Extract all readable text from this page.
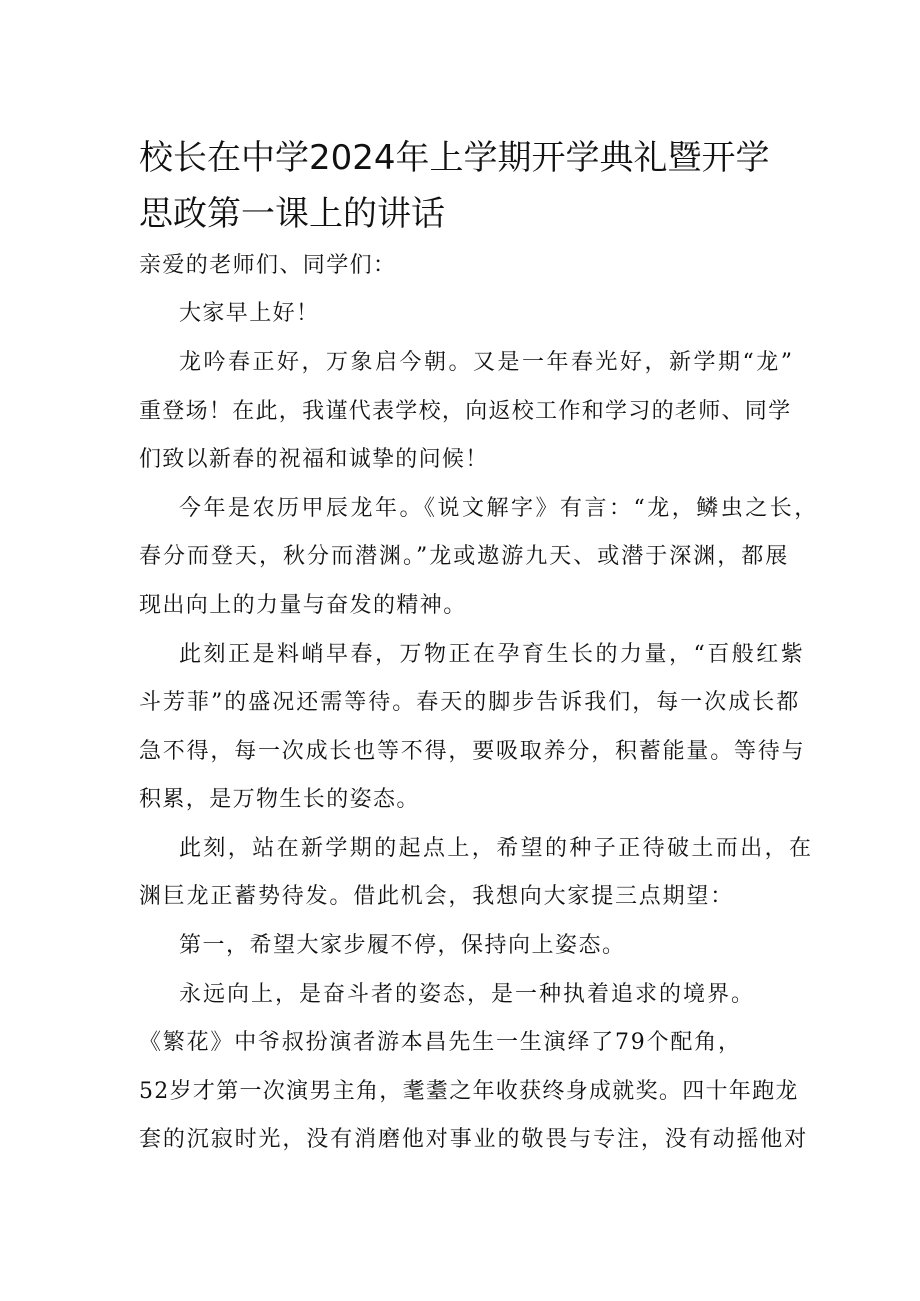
校长在中学2024年上学期开学典礼暨开学
思政第一课上的讲话

亲爱的老师们、同学们：

大家早上好！

龙吟春正好，万象启今朝。又是一年春光好，新学期“龙”

重登场！在此，我谨代表学校，向返校工作和学习的老师、同学

们致以新春的祝福和诚挚的问候！

今年是农历甲辰龙年。《说文解字》有言：“龙，鳞虫之长，

春分而登天，秋分而潜渊。”龙或遨游九天、或潜于深渊，都展

现出向上的力量与奋发的精神。

此刻正是料峭早春，万物正在孕育生长的力量，“百般红紫

斗芳菲”的盛况还需等待。春天的脚步告诉我们，每一次成长都

急不得，每一次成长也等不得，要吸取养分，积蓄能量。等待与

积累，是万物生长的姿态。

此刻，站在新学期的起点上，希望的种子正待破土而出，在

渊巨龙正蓄势待发。借此机会，我想向大家提三点期望：

第一，希望大家步履不停，保持向上姿态。

永远向上，是奋斗者的姿态，是一种执着追求的境界。

《繁花》中爷叔扮演者游本昌先生一生演绎了79个配角，

52岁才第一次演男主角，耄耋之年收获终身成就奖。四十年跑龙

套的沉寂时光，没有消磨他对事业的敬畏与专注，没有动摇他对
